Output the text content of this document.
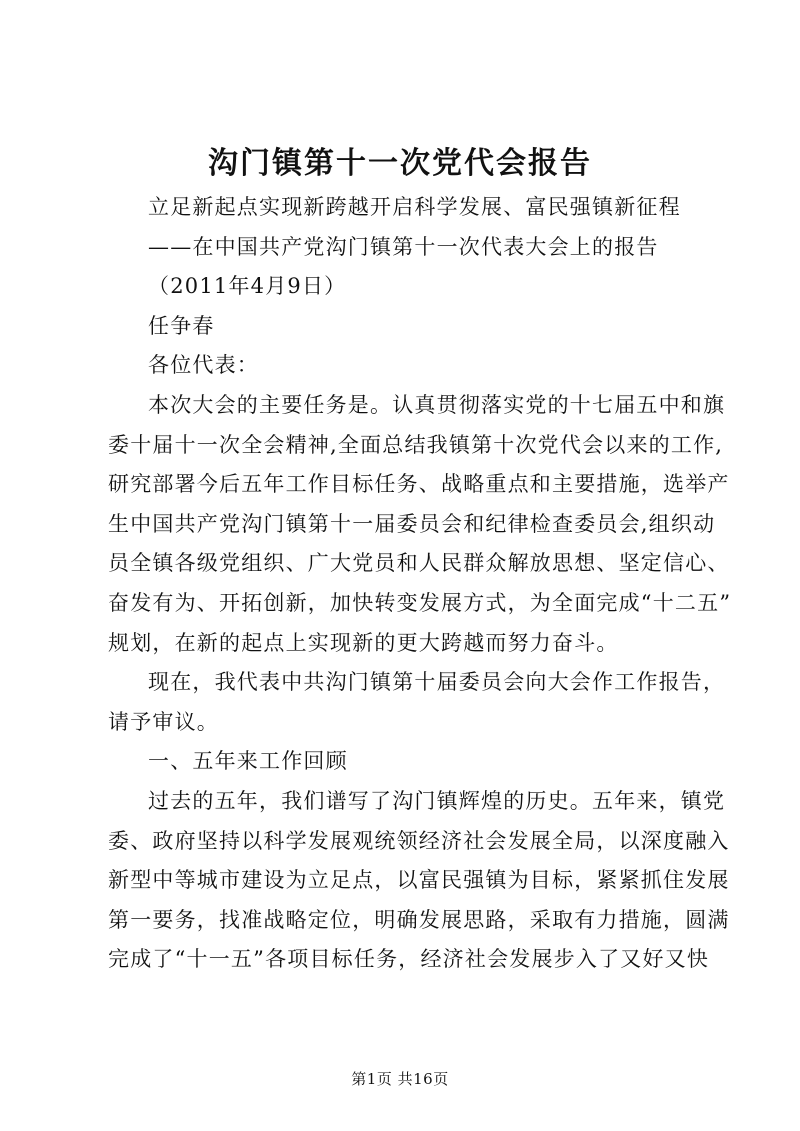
沟门镇第十一次党代会报告
立足新起点实现新跨越开启科学发展、富民强镇新征程
——在中国共产党沟门镇第十一次代表大会上的报告
（2011年4月9日）
任争春
各位代表：
本次大会的主要任务是。认真贯彻落实党的十七届五中和旗
委十届十一次全会精神,全面总结我镇第十次党代会以来的工作,
研究部署今后五年工作目标任务、战略重点和主要措施，选举产
生中国共产党沟门镇第十一届委员会和纪律检查委员会,组织动
员全镇各级党组织、广大党员和人民群众解放思想、坚定信心、
奋发有为、开拓创新，加快转变发展方式，为全面完成“十二五”
规划，在新的起点上实现新的更大跨越而努力奋斗。
现在，我代表中共沟门镇第十届委员会向大会作工作报告，
请予审议。
一、五年来工作回顾
过去的五年，我们谱写了沟门镇辉煌的历史。五年来，镇党
委、政府坚持以科学发展观统领经济社会发展全局，以深度融入
新型中等城市建设为立足点，以富民强镇为目标，紧紧抓住发展
第一要务，找准战略定位，明确发展思路，采取有力措施，圆满
完成了“十一五”各项目标任务，经济社会发展步入了又好又快
第1页 共16页
